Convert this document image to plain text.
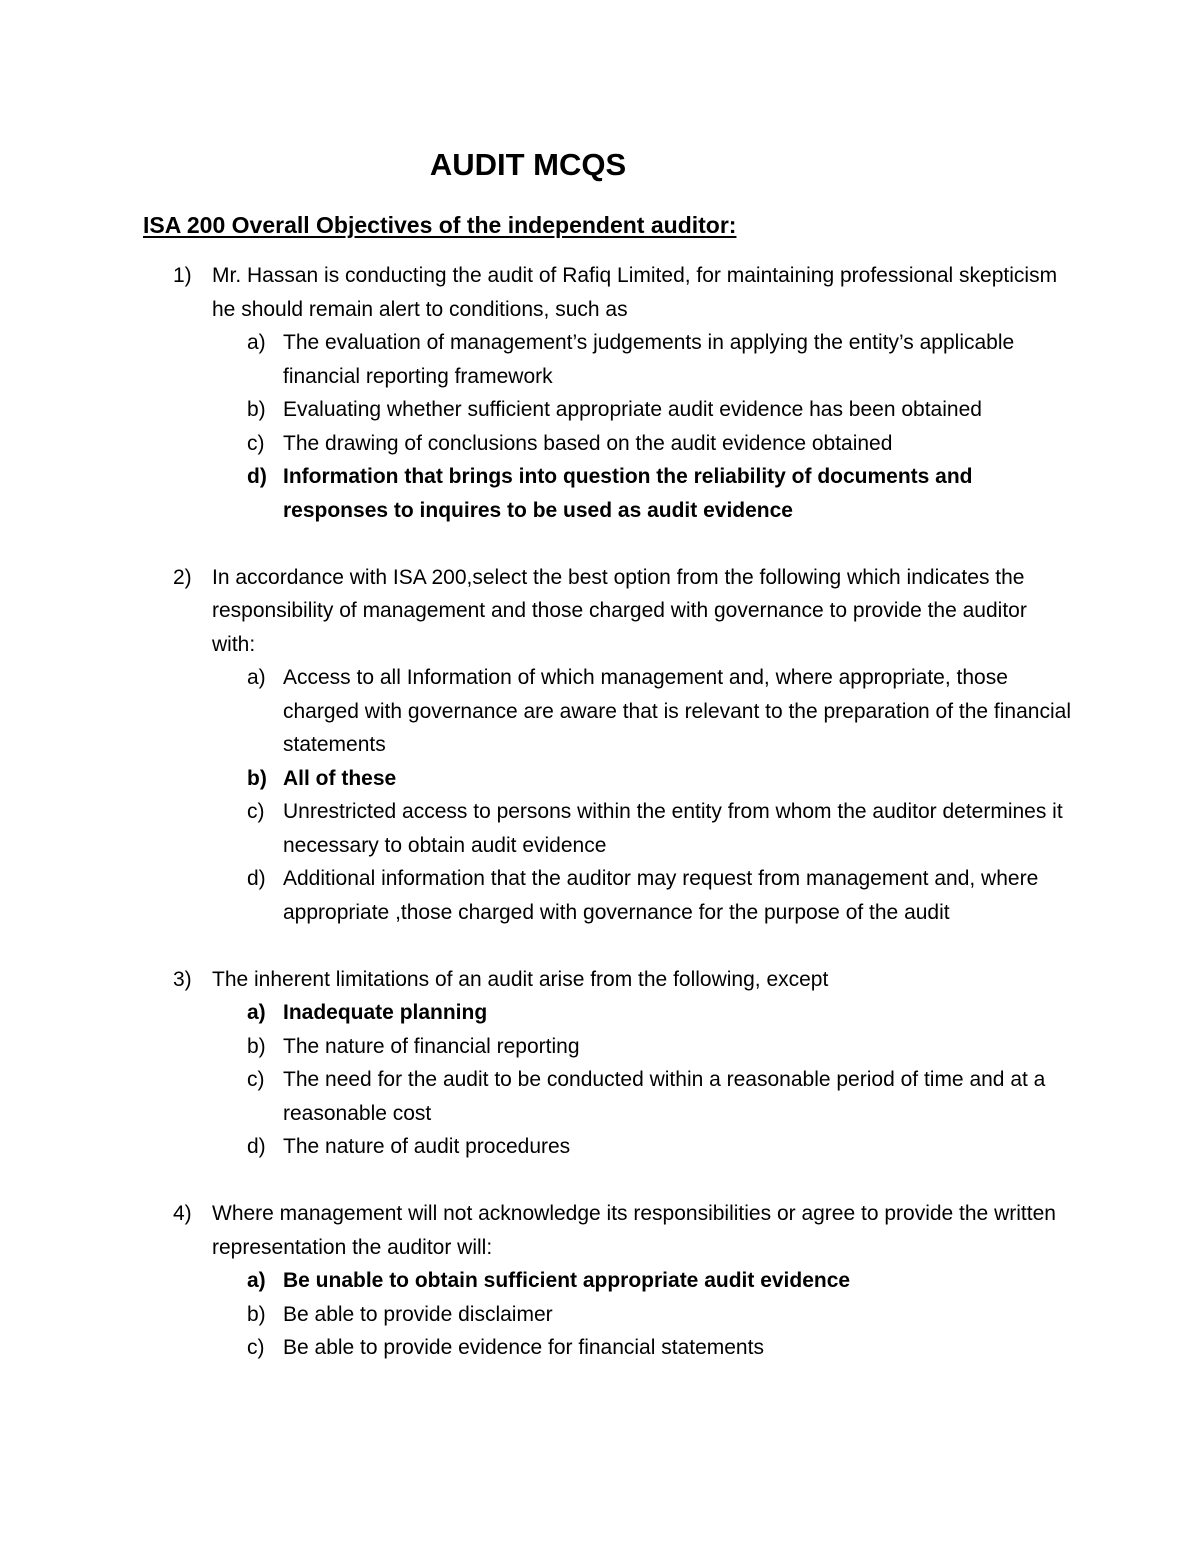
AUDIT MCQS
ISA 200 Overall Objectives of the independent auditor:
1) Mr. Hassan is conducting the audit of Rafiq Limited, for maintaining professional skepticism he should remain alert to conditions, such as
a) The evaluation of management’s judgements in applying the entity’s applicable financial reporting framework
b) Evaluating whether sufficient appropriate audit evidence has been obtained
c) The drawing of conclusions based on the audit evidence obtained
d) Information that brings into question the reliability of documents and responses to inquires to be used as audit evidence
2) In accordance with ISA 200,select the best option from the following which indicates the responsibility of management and those charged with governance to provide the auditor with:
a) Access to all Information of which management and, where appropriate, those charged with governance are aware that is relevant to the preparation of the financial statements
b) All of these
c) Unrestricted access to persons within the entity from whom the auditor determines it necessary to obtain audit evidence
d) Additional information that the auditor may request from management and, where appropriate ,those charged with governance for the purpose of the audit
3) The inherent limitations of an audit arise from the following, except
a) Inadequate planning
b) The nature of financial reporting
c) The need for the audit to be conducted within a reasonable period of time and at a reasonable cost
d) The nature of audit procedures
4) Where management will not acknowledge its responsibilities or agree to provide the written representation the auditor will:
a) Be unable to obtain sufficient appropriate audit evidence
b) Be able to provide disclaimer
c) Be able to provide evidence for financial statements
